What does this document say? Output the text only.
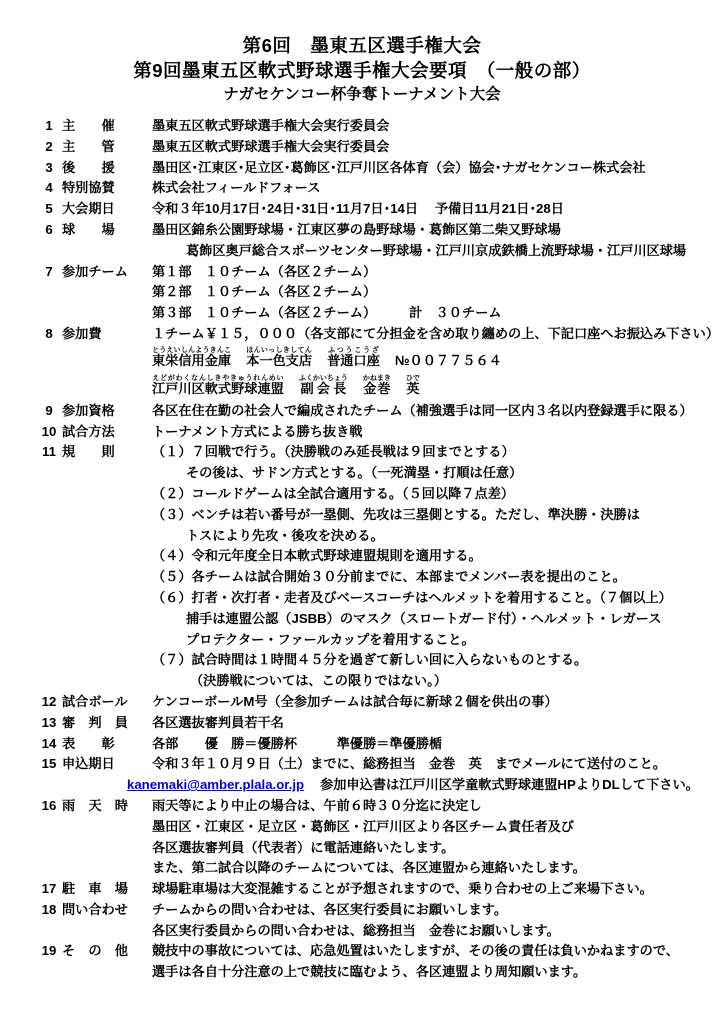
第6回　墨東五区選手権大会
第9回墨東五区軟式野球選手権大会要項　（一般の部）
ナガセケンコー杯争奪トーナメント大会
1 主　　催	墨東五区軟式野球選手権大会実行委員会
2 主　　管	墨東五区軟式野球選手権大会実行委員会
3 後　　援	墨田区･江東区･足立区･葛飾区･江戸川区各体育（会）協会･ナガセケンコー株式会社
4 特別協賛	株式会社フィールドフォース
5 大会期日	令和３年10月17日･24日･31日･11月7日･14日　 予備日11月21日･28日
6 球　　場	墨田区錦糸公園野球場・江東区夢の島野球場・葛飾区第二柴又野球場
葛飾区奥戸総合スポーツセンター野球場・江戸川京成鉄橋上流野球場・江戸川区球場
7 参加チーム	第１部　１０チーム（各区２チーム）
第２部　１０チーム（各区２チーム）
第３部　１０チーム（各区２チーム）　　　計　３０チーム
8 参加費	１チーム￥１５，０００（各支部にて分担金を含め取り纏めの上、下記口座へお振込み下さい）
東栄信用金庫とうえいしんようきんこ本一色支店ほんいっしきしてん普通口座ふつうこうざ№００７７５６４
江戸川区軟式野球連盟えどがわくなんしきやきゅうれんめい副会長ふくかいちょう金巻かねまき英ひで
9 参加資格	各区在住在勤の社会人で編成されたチーム（補強選手は同一区内３名以内登録選手に限る）
10 試合方法	トーナメント方式による勝ち抜き戦
11 規　　則	（１）７回戦で行う。（決勝戦のみ延長戦は９回までとする）
その後は、サドン方式とする。（一死満塁・打順は任意）
（２）コールドゲームは全試合適用する。（５回以降７点差）
（３）ベンチは若い番号が一塁側、先攻は三塁側とする。ただし、準決勝・決勝は
トスにより先攻・後攻を決める。
（４）令和元年度全日本軟式野球連盟規則を適用する。
（５）各チームは試合開始３０分前までに、本部までメンバー表を提出のこと。
（６）打者・次打者・走者及びベースコーチはヘルメットを着用すること。（７個以上）
捕手は連盟公認（JSBB）のマスク（スロートガード付）・ヘルメット・レガース
プロテクター・ファールカップを着用すること。
（７）試合時間は１時間４５分を過ぎて新しい回に入らないものとする。
（決勝戦については、この限りではない。）
12 試合ボール	ケンコーボールM号（全参加チームは試合毎に新球２個を供出の事）
13 審　判　員	各区選抜審判員若干名
14 表　　彰	各部　　優　勝＝優勝杯　　　準優勝＝準優勝楯
15 申込期日	令和３年１０月９日（土）までに、総務担当　金巻　英　までメールにて送付のこと。
kanemaki@amber.plala.or.jp 参加申込書は江戸川区学童軟式野球連盟HPよりDLして下さい。
16 雨　天　時	雨天等により中止の場合は、午前６時３０分迄に決定し
墨田区・江東区・足立区・葛飾区・江戸川区より各区チーム責任者及び
各区選抜審判員（代表者）に電話連絡いたします。
また、第二試合以降のチームについては、各区連盟から連絡いたします。
17 駐　車　場	球場駐車場は大変混雑することが予想されますので、乗り合わせの上ご来場下さい。
18 問い合わせ	チームからの問い合わせは、各区実行委員にお願いします。
各区実行委員からの問い合わせは、総務担当　金巻にお願いします。
19 そ　の　他	競技中の事故については、応急処置はいたしますが、その後の責任は負いかねますので、
選手は各自十分注意の上で競技に臨むよう、各区連盟より周知願います。
